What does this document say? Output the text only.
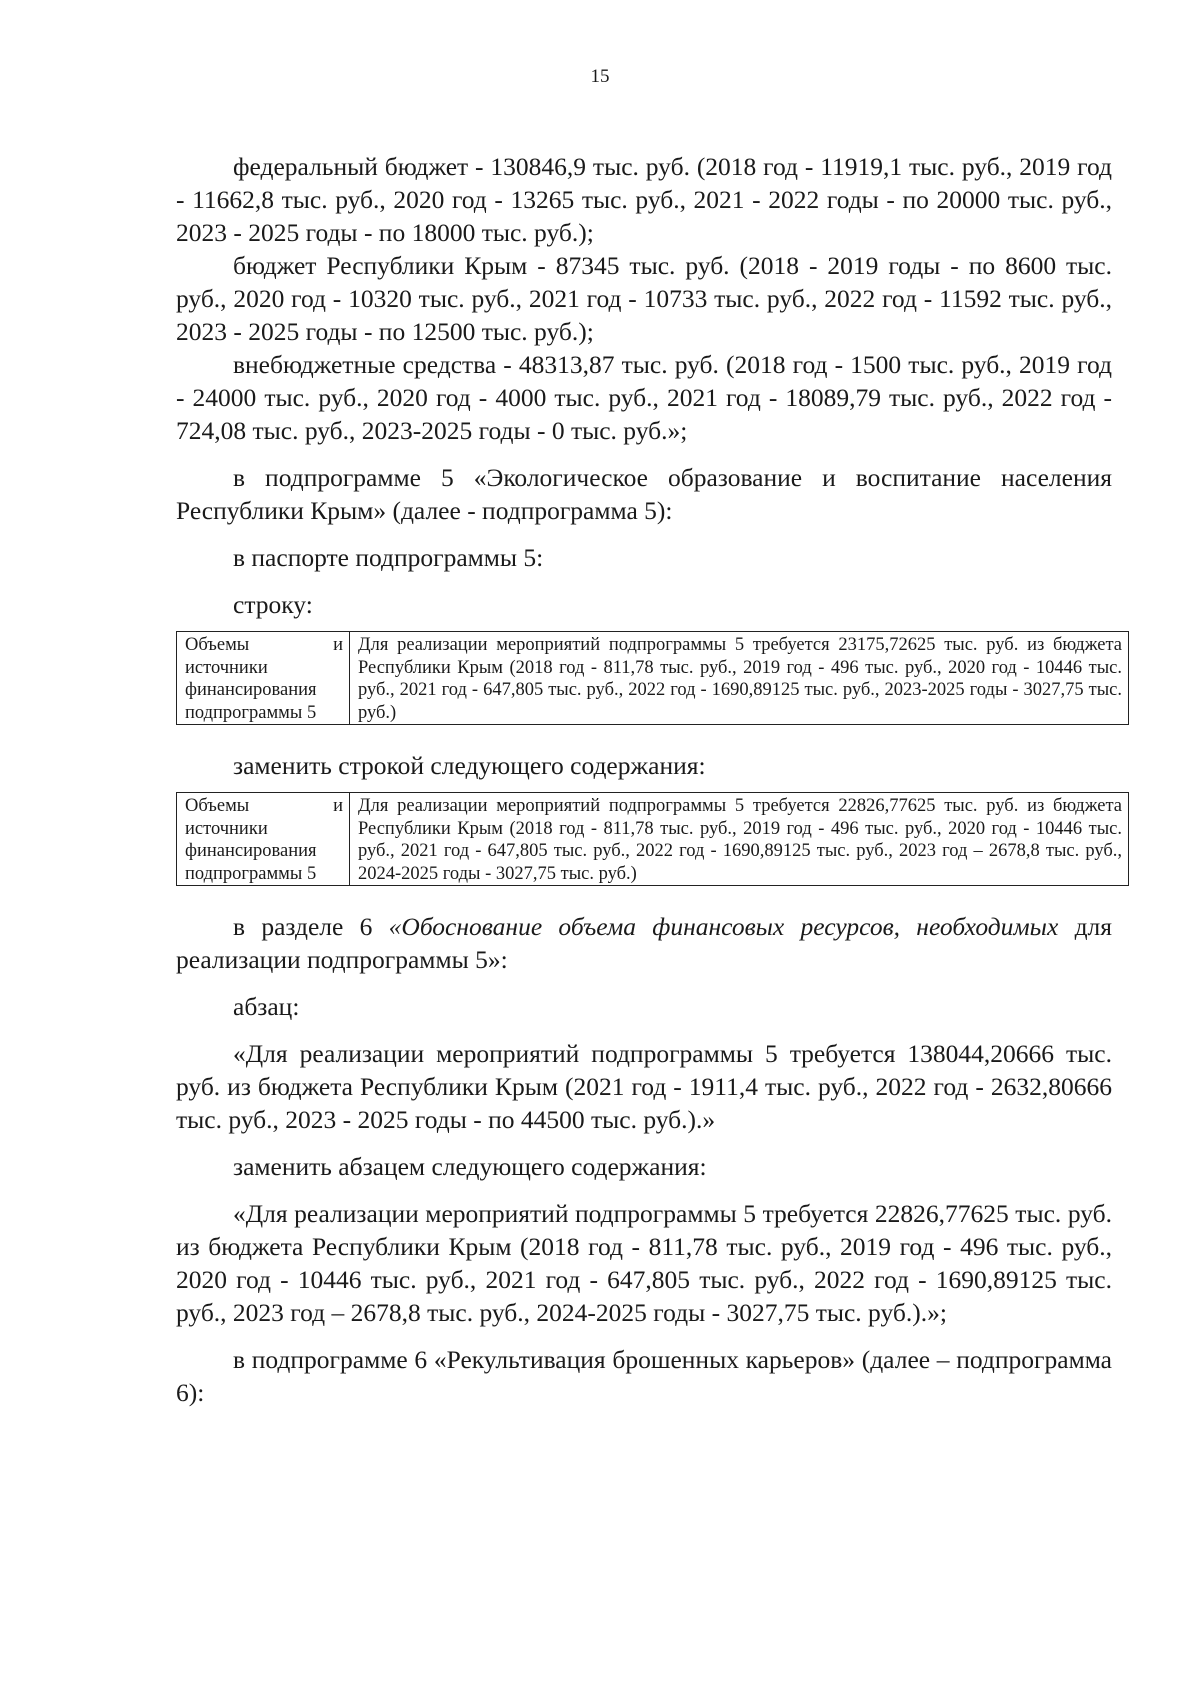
15

федеральный бюджет - 130846,9 тыс. руб. (2018 год - 11919,1 тыс. руб., 2019 год - 11662,8 тыс. руб., 2020 год - 13265 тыс. руб., 2021 - 2022 годы - по 20000 тыс. руб., 2023 - 2025 годы - по 18000 тыс. руб.);

бюджет Республики Крым - 87345 тыс. руб. (2018 - 2019 годы - по 8600 тыс. руб., 2020 год - 10320 тыс. руб., 2021 год - 10733 тыс. руб., 2022 год - 11592 тыс. руб., 2023 - 2025 годы - по 12500 тыс. руб.);

внебюджетные средства - 48313,87 тыс. руб. (2018 год - 1500 тыс. руб., 2019 год - 24000 тыс. руб., 2020 год - 4000 тыс. руб., 2021 год - 18089,79 тыс. руб., 2022 год - 724,08 тыс. руб., 2023-2025 годы - 0 тыс. руб.»;

в подпрограмме 5 «Экологическое образование и воспитание населения Республики Крым» (далее - подпрограмма 5):

в паспорте подпрограммы 5:

строку:

Объемы и
источники
финансирования
подпрограммы 5
	Для реализации мероприятий подпрограммы 5 требуется 23175,72625 тыс. руб. из бюджета Республики Крым (2018 год - 811,78 тыс. руб., 2019 год - 496 тыс. руб., 2020 год - 10446 тыс. руб., 2021 год - 647,805 тыс. руб., 2022 год - 1690,89125 тыс. руб., 2023-2025 годы - 3027,75 тыс. руб.)

заменить строкой следующего содержания:

Объемы и
источники
финансирования
подпрограммы 5
	Для реализации мероприятий подпрограммы 5 требуется 22826,77625 тыс. руб. из бюджета Республики Крым (2018 год - 811,78 тыс. руб., 2019 год - 496 тыс. руб., 2020 год - 10446 тыс. руб., 2021 год - 647,805 тыс. руб., 2022 год - 1690,89125 тыс. руб., 2023 год – 2678,8 тыс. руб., 2024-2025 годы - 3027,75 тыс. руб.)

в разделе 6 «Обоснование объема финансовых ресурсов, необходимых для реализации подпрограммы 5»:

абзац:

«Для реализации мероприятий подпрограммы 5 требуется 138044,20666 тыс. руб. из бюджета Республики Крым (2021 год - 1911,4 тыс. руб., 2022 год - 2632,80666 тыс. руб., 2023 - 2025 годы - по 44500 тыс. руб.).»

заменить абзацем следующего содержания:

«Для реализации мероприятий подпрограммы 5 требуется 22826,77625 тыс. руб. из бюджета Республики Крым (2018 год - 811,78 тыс. руб., 2019 год - 496 тыс. руб., 2020 год - 10446 тыс. руб., 2021 год - 647,805 тыс. руб., 2022 год - 1690,89125 тыс. руб., 2023 год – 2678,8 тыс. руб., 2024-2025 годы - 3027,75 тыс. руб.).»;

в подпрограмме 6 «Рекультивация брошенных карьеров» (далее – подпрограмма 6):
